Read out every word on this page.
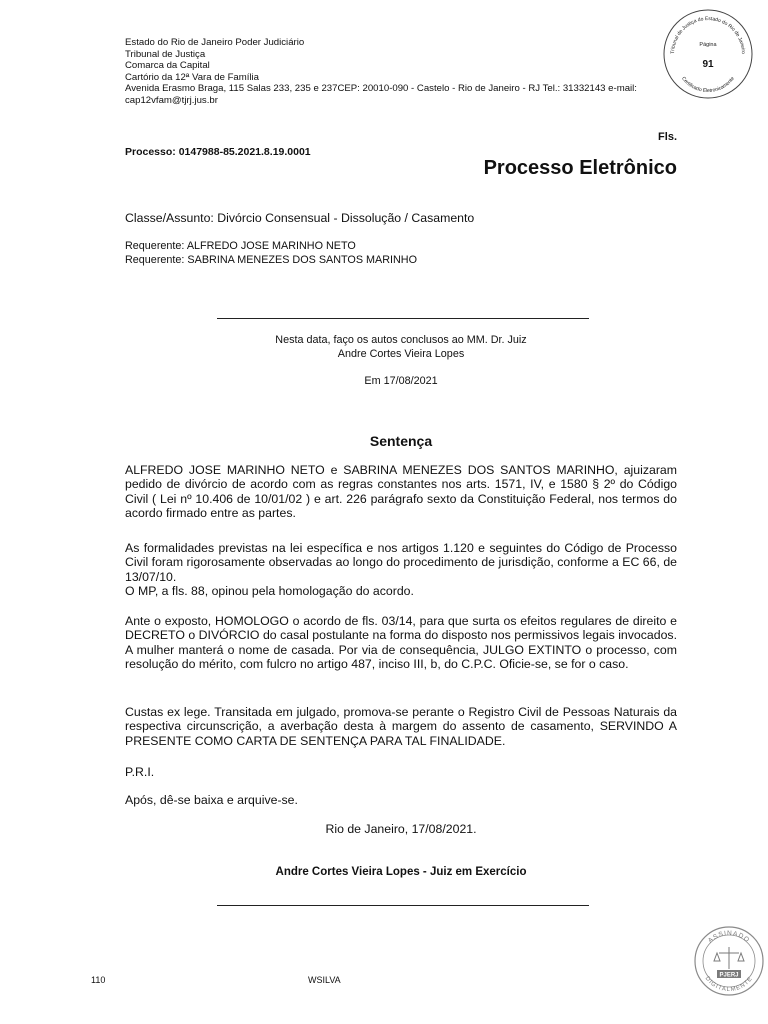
Estado do Rio de Janeiro Poder Judiciário
Tribunal de Justiça
Comarca da Capital
Cartório da 12ª Vara de Família
Avenida Erasmo Braga, 115 Salas 233, 235 e 237CEP: 20010-090 - Castelo - Rio de Janeiro - RJ Tel.: 31332143 e-mail:
cap12vfam@tjrj.jus.br
Tribunal de Justiça do Estado do Rio de Janeiro
Página
91
Certificado Eletronicamente
Fls.
Processo: 0147988-85.2021.8.19.0001
Processo Eletrônico
Classe/Assunto: Divórcio Consensual - Dissolução / Casamento
Requerente: ALFREDO JOSE MARINHO NETO
Requerente: SABRINA MENEZES DOS SANTOS MARINHO
Nesta data, faço os autos conclusos ao MM. Dr. Juiz
Andre Cortes Vieira Lopes
Em 17/08/2021
Sentença
ALFREDO JOSE MARINHO NETO e SABRINA MENEZES DOS SANTOS MARINHO, ajuizaram pedido de divórcio de acordo com as regras constantes nos arts. 1571, IV, e 1580 § 2º do Código Civil ( Lei nº 10.406 de 10/01/02 ) e art. 226 parágrafo sexto da Constituição Federal, nos termos do acordo firmado entre as partes.
As formalidades previstas na lei específica e nos artigos 1.120 e seguintes do Código de Processo Civil foram rigorosamente observadas ao longo do procedimento de jurisdição, conforme a EC 66, de 13/07/10.
O MP, a fls. 88, opinou pela homologação do acordo.
Ante o exposto, HOMOLOGO o acordo de fls. 03/14, para que surta os efeitos regulares de direito e DECRETO o DIVÓRCIO do casal postulante na forma do disposto nos permissivos legais invocados. A mulher manterá o nome de casada. Por via de consequência, JULGO EXTINTO o processo, com resolução do mérito, com fulcro no artigo 487, inciso III, b, do C.P.C. Oficie-se, se for o caso.
Custas ex lege. Transitada em julgado, promova-se perante o Registro Civil de Pessoas Naturais da respectiva circunscrição, a averbação desta à margem do assento de casamento, SERVINDO A PRESENTE COMO CARTA DE SENTENÇA PARA TAL FINALIDADE.
P.R.I.
Após, dê-se baixa e arquive-se.
Rio de Janeiro, 17/08/2021.
Andre Cortes Vieira Lopes - Juiz em Exercício
110	WSILVA
ASSINADO
PJERJ
DIGITALMENTE
